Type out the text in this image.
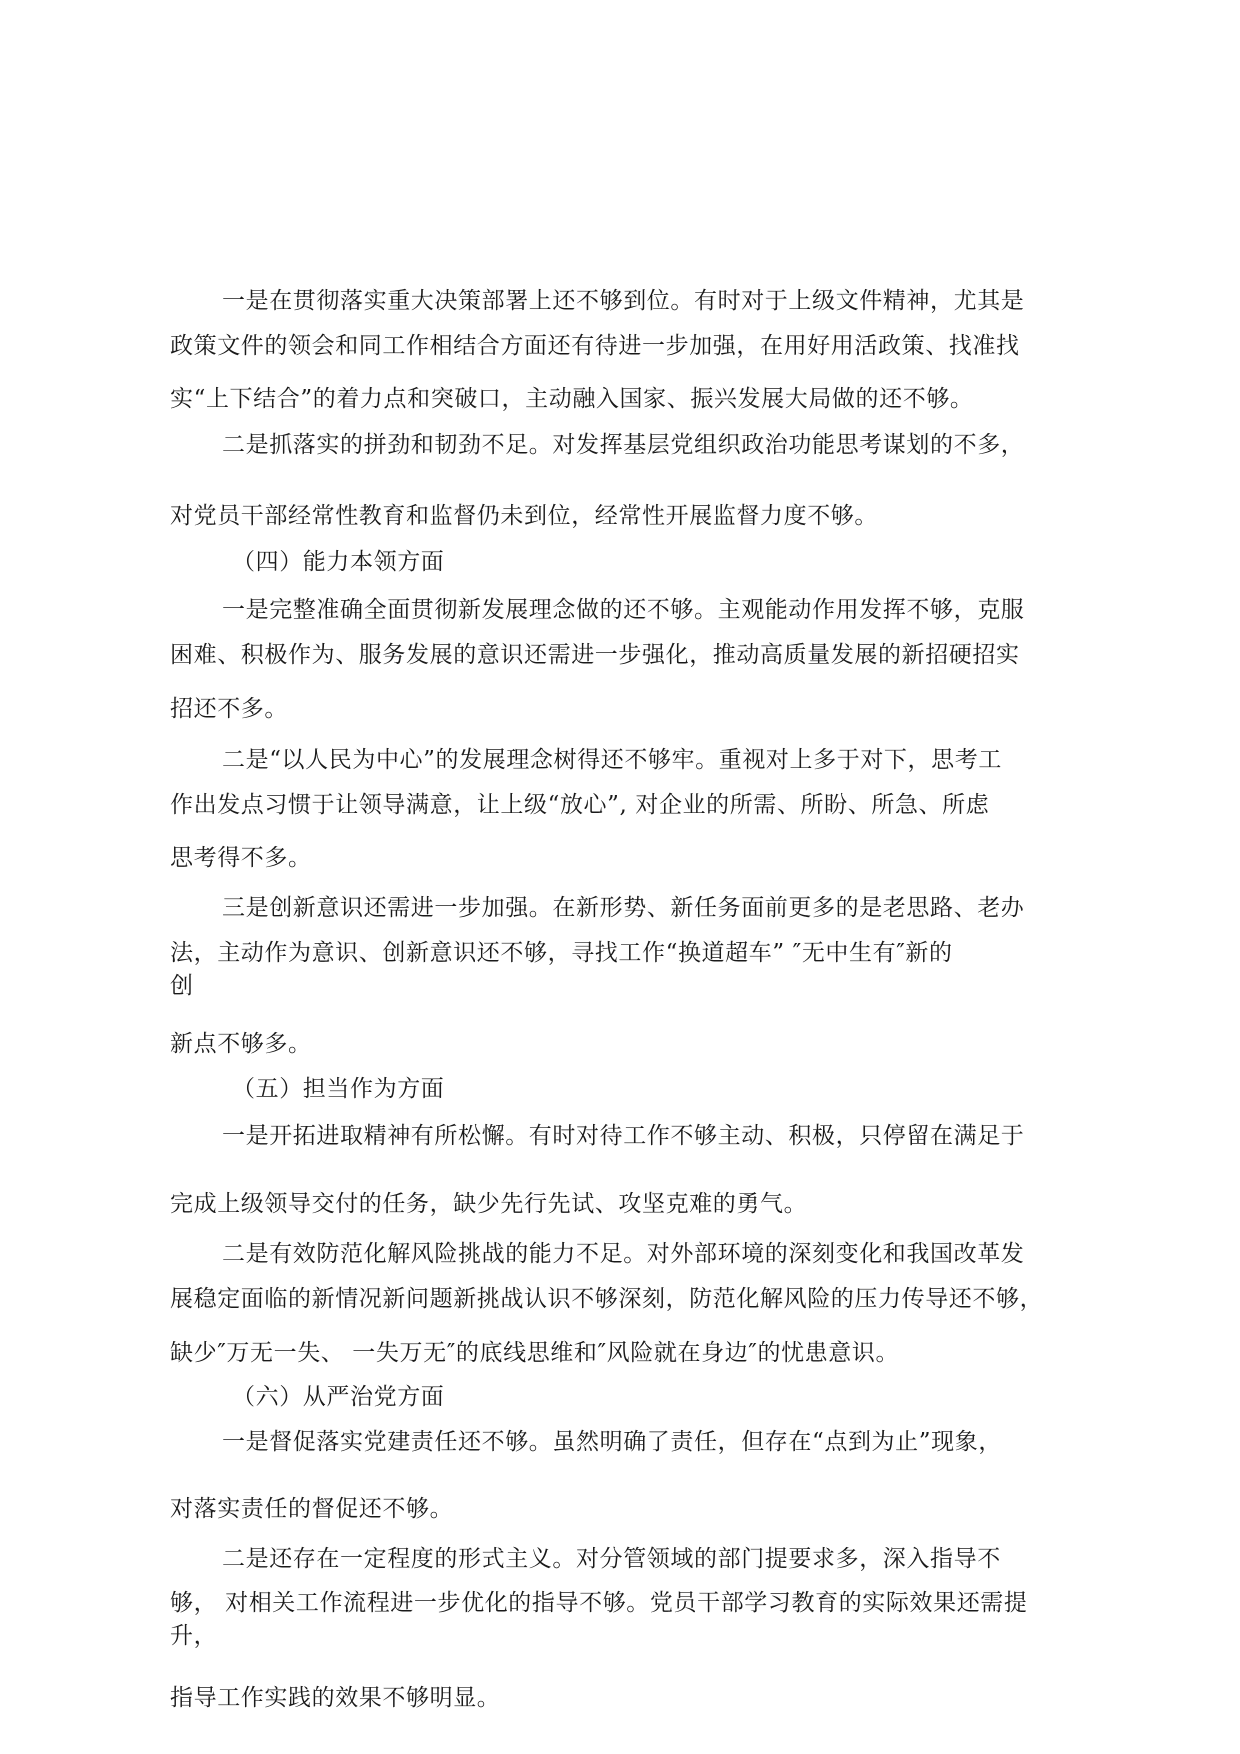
一是在贯彻落实重大决策部署上还不够到位。有时对于上级文件精神，尤其是
政策文件的领会和同工作相结合方面还有待进一步加强，在用好用活政策、找准找
实“上下结合”的着力点和突破口，主动融入国家、振兴发展大局做的还不够。
二是抓落实的拼劲和韧劲不足。对发挥基层党组织政治功能思考谋划的不多，
对党员干部经常性教育和监督仍未到位，经常性开展监督力度不够。
（四）能力本领方面
一是完整准确全面贯彻新发展理念做的还不够。主观能动作用发挥不够，克服
困难、积极作为、服务发展的意识还需进一步强化，推动高质量发展的新招硬招实
招还不多。
二是“以人民为中心”的发展理念树得还不够牢。重视对上多于对下，思考工
作出发点习惯于让领导满意，让上级“放心”, 对企业的所需、所盼、所急、所虑
思考得不多。
三是创新意识还需进一步加强。在新形势、新任务面前更多的是老思路、老办
法，主动作为意识、创新意识还不够，寻找工作“换道超车” ″无中生有″新的
创
新点不够多。
（五）担当作为方面
一是开拓进取精神有所松懈。有时对待工作不够主动、积极，只停留在满足于
完成上级领导交付的任务，缺少先行先试、攻坚克难的勇气。
二是有效防范化解风险挑战的能力不足。对外部环境的深刻变化和我国改革发
展稳定面临的新情况新问题新挑战认识不够深刻，防范化解风险的压力传导还不够，
缺少″万无一失、 一失万无″的底线思维和″风险就在身边″的忧患意识。
（六）从严治党方面
一是督促落实党建责任还不够。虽然明确了责任，但存在“点到为止”现象，
对落实责任的督促还不够。
二是还存在一定程度的形式主义。对分管领域的部门提要求多，深入指导不
够， 对相关工作流程进一步优化的指导不够。党员干部学习教育的实际效果还需提
升，
指导工作实践的效果不够明显。
